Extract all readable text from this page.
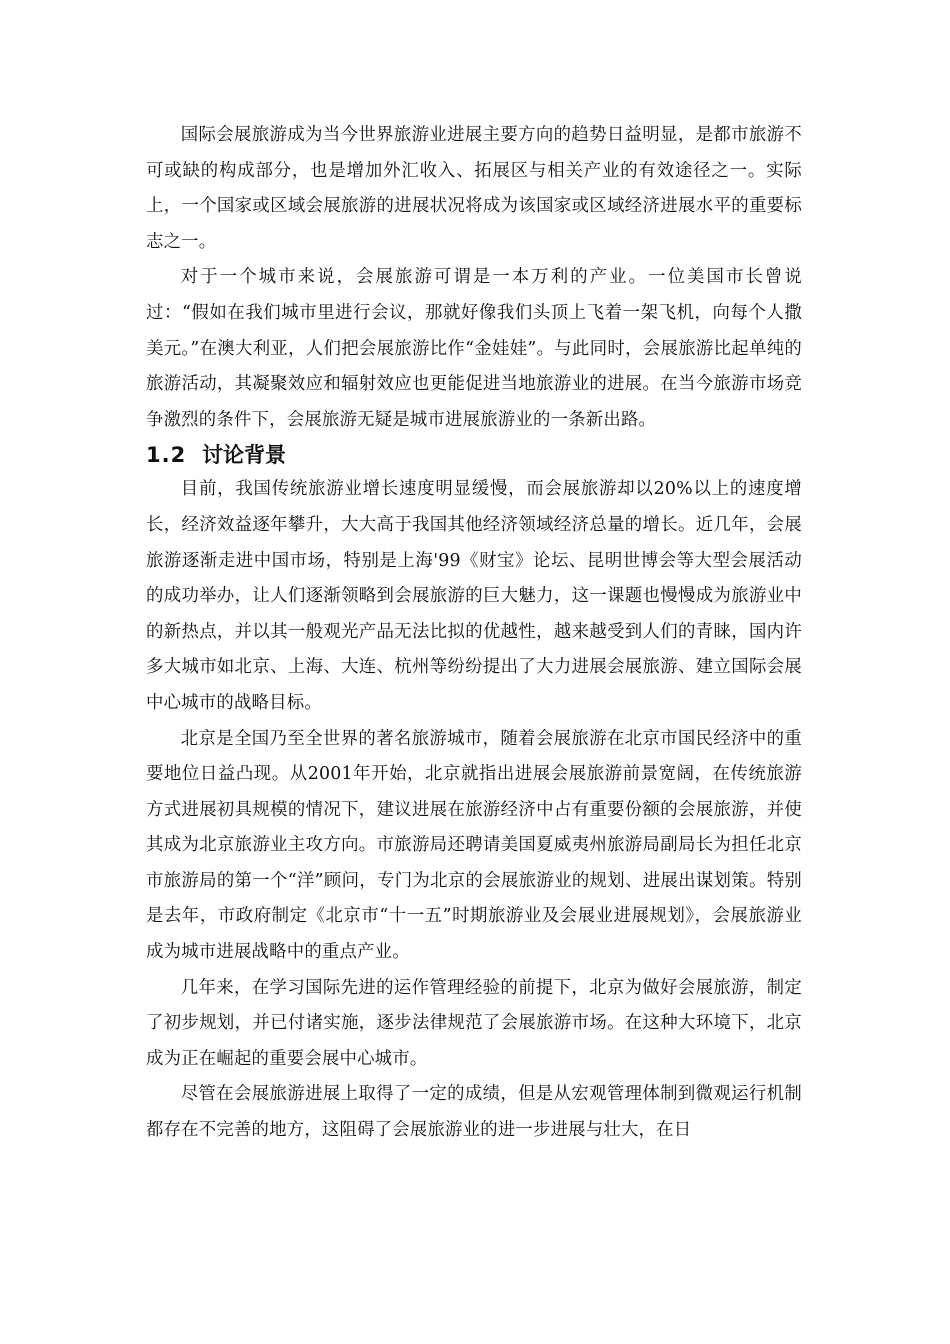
国际会展旅游成为当今世界旅游业进展主要方向的趋势日益明显，是都市旅游不可或缺的构成部分，也是增加外汇收入、拓展区与相关产业的有效途径之一。实际上，一个国家或区域会展旅游的进展状况将成为该国家或区域经济进展水平的重要标志之一。

对于一个城市来说，会展旅游可谓是一本万利的产业。一位美国市长曾说过：“假如在我们城市里进行会议，那就好像我们头顶上飞着一架飞机，向每个人撒美元。”在澳大利亚，人们把会展旅游比作“金娃娃”。与此同时，会展旅游比起单纯的旅游活动，其凝聚效应和辐射效应也更能促进当地旅游业的进展。在当今旅游市场竞争激烈的条件下，会展旅游无疑是城市进展旅游业的一条新出路。

1.2 讨论背景

目前，我国传统旅游业增长速度明显缓慢，而会展旅游却以20%以上的速度增长，经济效益逐年攀升，大大高于我国其他经济领域经济总量的增长。近几年，会展旅游逐渐走进中国市场，特别是上海'99《财宝》论坛、昆明世博会等大型会展活动的成功举办，让人们逐渐领略到会展旅游的巨大魅力，这一课题也慢慢成为旅游业中的新热点，并以其一般观光产品无法比拟的优越性，越来越受到人们的青睐，国内许多大城市如北京、上海、大连、杭州等纷纷提出了大力进展会展旅游、建立国际会展中心城市的战略目标。

北京是全国乃至全世界的著名旅游城市，随着会展旅游在北京市国民经济中的重要地位日益凸现。从2001年开始，北京就指出进展会展旅游前景宽阔，在传统旅游方式进展初具规模的情况下，建议进展在旅游经济中占有重要份额的会展旅游，并使其成为北京旅游业主攻方向。市旅游局还聘请美国夏威夷州旅游局副局长为担任北京市旅游局的第一个“洋”顾问，专门为北京的会展旅游业的规划、进展出谋划策。特别是去年，市政府制定《北京市“十一五”时期旅游业及会展业进展规划》，会展旅游业成为城市进展战略中的重点产业。

几年来，在学习国际先进的运作管理经验的前提下，北京为做好会展旅游，制定了初步规划，并已付诸实施，逐步法律规范了会展旅游市场。在这种大环境下，北京成为正在崛起的重要会展中心城市。

尽管在会展旅游进展上取得了一定的成绩，但是从宏观管理体制到微观运行机制都存在不完善的地方，这阻碍了会展旅游业的进一步进展与壮大，在日
